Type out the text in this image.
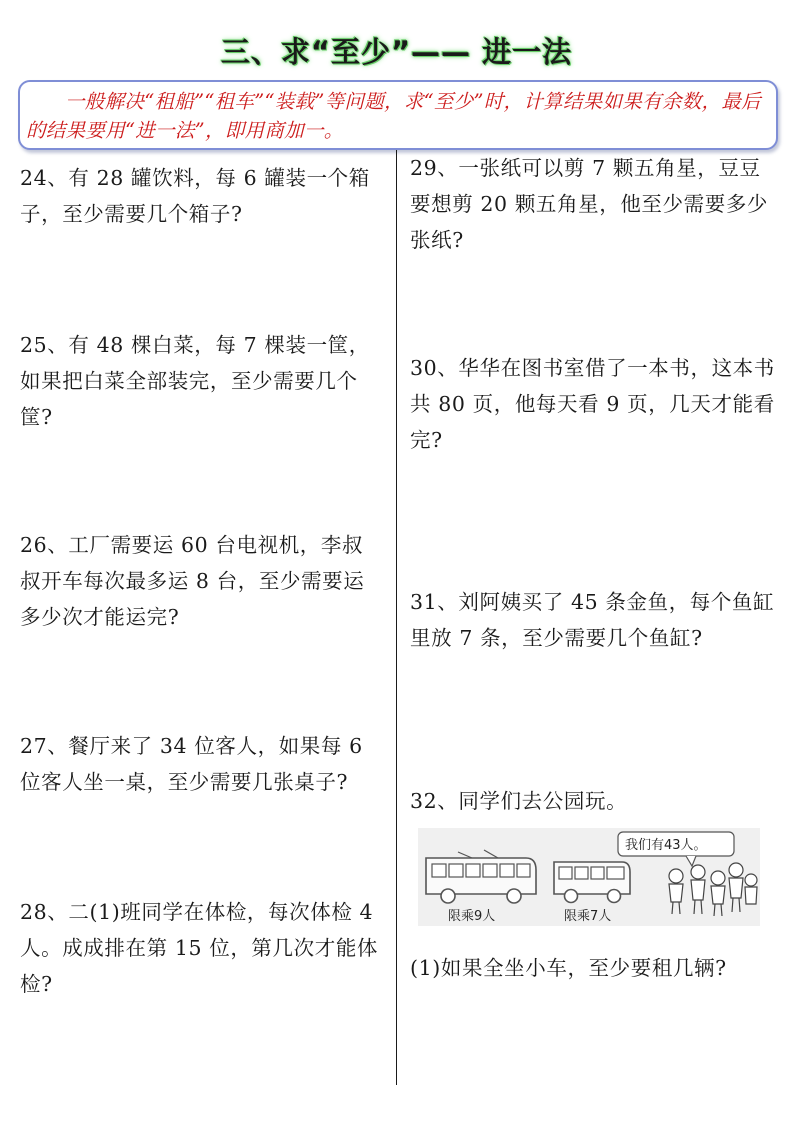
三、求“至少”—— 进一法

一般解决“租船”“租车”“装载”等问题，求“至少”时，计算结果如果有余数，最后的结果要用“进一法”，即用商加一。

24、有 28 罐饮料，每 6 罐装一个箱子，至少需要几个箱子?

25、有 48 棵白菜，每 7 棵装一筐，如果把白菜全部装完，至少需要几个筐?

26、工厂需要运 60 台电视机，李叔叔开车每次最多运 8 台，至少需要运多少次才能运完?

27、餐厅来了 34 位客人，如果每 6 位客人坐一桌，至少需要几张桌子?

28、二(1)班同学在体检，每次体检 4 人。成成排在第 15 位，第几次才能体检?

29、一张纸可以剪 7 颗五角星，豆豆要想剪 20 颗五角星，他至少需要多少张纸?

30、华华在图书室借了一本书，这本书共 80 页，他每天看 9 页，几天才能看完?

31、刘阿姨买了 45 条金鱼，每个鱼缸里放 7 条，至少需要几个鱼缸?

32、同学们去公园玩。

限乘9人	限乘7人
我们有43人。

(1)如果全坐小车，至少要租几辆?
